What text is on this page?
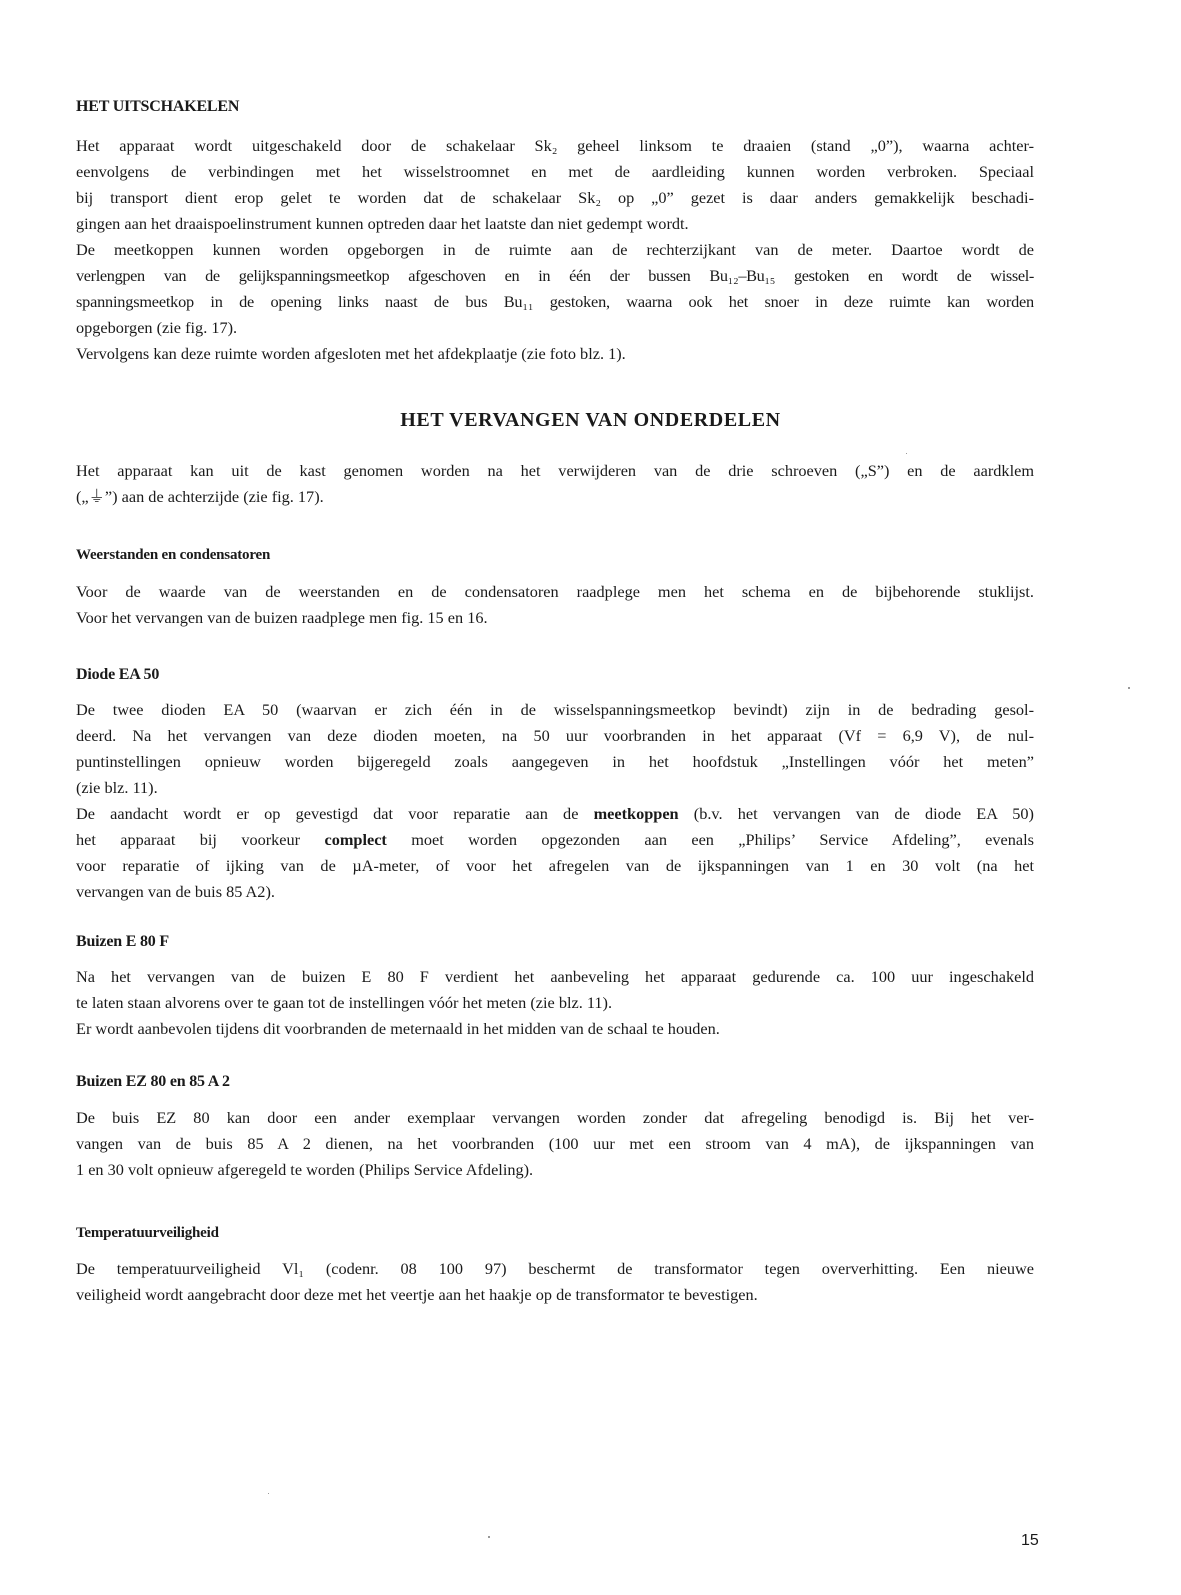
HET UITSCHAKELEN
Het apparaat wordt uitgeschakeld door de schakelaar Sk₂ geheel linksom te draaien (stand „0”), waarna achter-
eenvolgens de verbindingen met het wisselstroomnet en met de aardleiding kunnen worden verbroken. Speciaal
bij transport dient erop gelet te worden dat de schakelaar Sk₂ op „0” gezet is daar anders gemakkelijk beschadi-
gingen aan het draaispoelinstrument kunnen optreden daar het laatste dan niet gedempt wordt.
De meetkoppen kunnen worden opgeborgen in de ruimte aan de rechterzijkant van de meter. Daartoe wordt de
verlengpen van de gelijkspanningsmeetkop afgeschoven en in één der bussen Bu₁₂–Bu₁₅ gestoken en wordt de wissel-
spanningsmeetkop in de opening links naast de bus Bu₁₁ gestoken, waarna ook het snoer in deze ruimte kan worden
opgeborgen (zie fig. 17).
Vervolgens kan deze ruimte worden afgesloten met het afdekplaatje (zie foto blz. 1).
HET VERVANGEN VAN ONDERDELEN
Het apparaat kan uit de kast genomen worden na het verwijderen van de drie schroeven („S”) en de aardklem
(„⏚”) aan de achterzijde (zie fig. 17).
Weerstanden en condensatoren
Voor de waarde van de weerstanden en de condensatoren raadplege men het schema en de bijbehorende stuklijst.
Voor het vervangen van de buizen raadplege men fig. 15 en 16.
Diode EA 50
De twee dioden EA 50 (waarvan er zich één in de wisselspanningsmeetkop bevindt) zijn in de bedrading gesol-
deerd. Na het vervangen van deze dioden moeten, na 50 uur voorbranden in het apparaat (Vf = 6,9 V), de nul-
puntinstellingen opnieuw worden bijgeregeld zoals aangegeven in het hoofdstuk „Instellingen vóór het meten”
(zie blz. 11).
De aandacht wordt er op gevestigd dat voor reparatie aan de meetkoppen (b.v. het vervangen van de diode EA 50)
het apparaat bij voorkeur complect moet worden opgezonden aan een „Philips’ Service Afdeling”, evenals
voor reparatie of ijking van de µA-meter, of voor het afregelen van de ijkspanningen van 1 en 30 volt (na het
vervangen van de buis 85 A2).
Buizen E 80 F
Na het vervangen van de buizen E 80 F verdient het aanbeveling het apparaat gedurende ca. 100 uur ingeschakeld
te laten staan alvorens over te gaan tot de instellingen vóór het meten (zie blz. 11).
Er wordt aanbevolen tijdens dit voorbranden de meternaald in het midden van de schaal te houden.
Buizen EZ 80 en 85 A 2
De buis EZ 80 kan door een ander exemplaar vervangen worden zonder dat afregeling benodigd is. Bij het ver-
vangen van de buis 85 A 2 dienen, na het voorbranden (100 uur met een stroom van 4 mA), de ijkspanningen van
1 en 30 volt opnieuw afgeregeld te worden (Philips Service Afdeling).
Temperatuurveiligheid
De temperatuurveiligheid Vl₁ (codenr. 08 100 97) beschermt de transformator tegen oververhitting. Een nieuwe
veiligheid wordt aangebracht door deze met het veertje aan het haakje op de transformator te bevestigen.
15
